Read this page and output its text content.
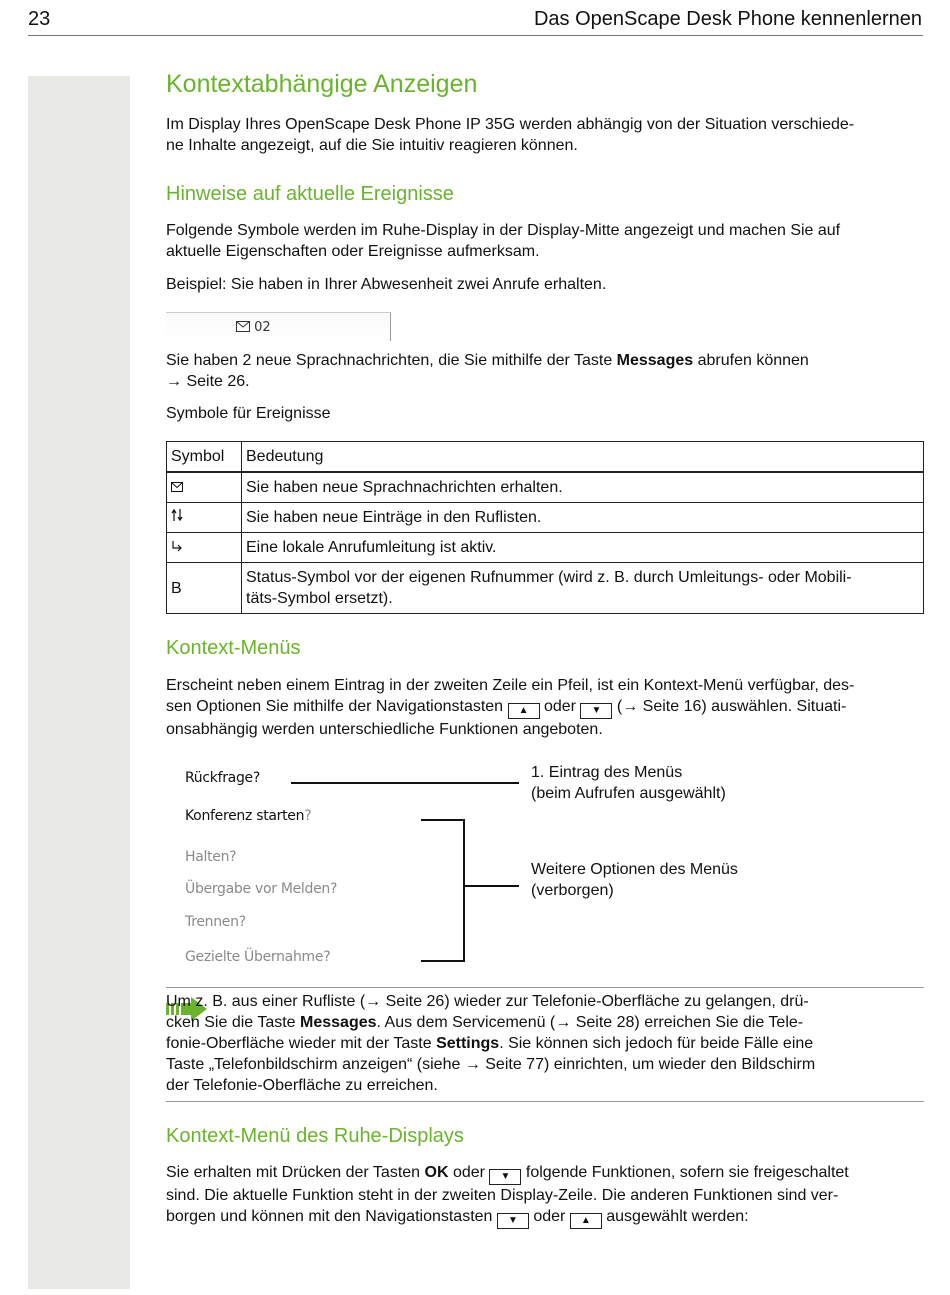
23	Das OpenScape Desk Phone kennenlernen
Kontextabhängige Anzeigen

Im Display Ihres OpenScape Desk Phone IP 35G werden abhängig von der Situation verschiede-
ne Inhalte angezeigt, auf die Sie intuitiv reagieren können.

Hinweise auf aktuelle Ereignisse

Folgende Symbole werden im Ruhe-Display in der Display-Mitte angezeigt und machen Sie auf
aktuelle Eigenschaften oder Ereignisse aufmerksam.

Beispiel: Sie haben in Ihrer Abwesenheit zwei Anrufe erhalten.

02

Sie haben 2 neue Sprachnachrichten, die Sie mithilfe der Taste Messages abrufen können
→ Seite 26.

Symbole für Ereignisse

Symbol	Bedeutung
	Sie haben neue Sprachnachrichten erhalten.
	Sie haben neue Einträge in den Ruflisten.
	Eine lokale Anrufumleitung ist aktiv.
B	Status-Symbol vor der eigenen Rufnummer (wird z. B. durch Umleitungs- oder Mobili-
täts-Symbol ersetzt).
Kontext-Menüs

Erscheint neben einem Eintrag in der zweiten Zeile ein Pfeil, ist ein Kontext-Menü verfügbar, des-
sen Optionen Sie mithilfe der Navigationstasten ▲ oder ▼ (→ Seite 16) auswählen. Situati-
onsabhängig werden unterschiedliche Funktionen angeboten.

Rückfrage?	1. Eintrag des Menüs
(beim Aufrufen ausgewählt)
Konferenz starten?
Halten?
Übergabe vor Melden?
Trennen?
Gezielte Übernahme?
Weitere Optionen des Menüs
(verborgen)

Um z. B. aus einer Rufliste (→ Seite 26) wieder zur Telefonie-Oberfläche zu gelangen, drü-
cken Sie die Taste Messages. Aus dem Servicemenü (→ Seite 28) erreichen Sie die Tele-
fonie-Oberfläche wieder mit der Taste Settings. Sie können sich jedoch für beide Fälle eine
Taste „Telefonbildschirm anzeigen“ (siehe → Seite 77) einrichten, um wieder den Bildschirm
der Telefonie-Oberfläche zu erreichen.

Kontext-Menü des Ruhe-Displays

Sie erhalten mit Drücken der Tasten OK oder ▼ folgende Funktionen, sofern sie freigeschaltet
sind. Die aktuelle Funktion steht in der zweiten Display-Zeile. Die anderen Funktionen sind ver-
borgen und können mit den Navigationstasten ▼ oder ▲ ausgewählt werden:
